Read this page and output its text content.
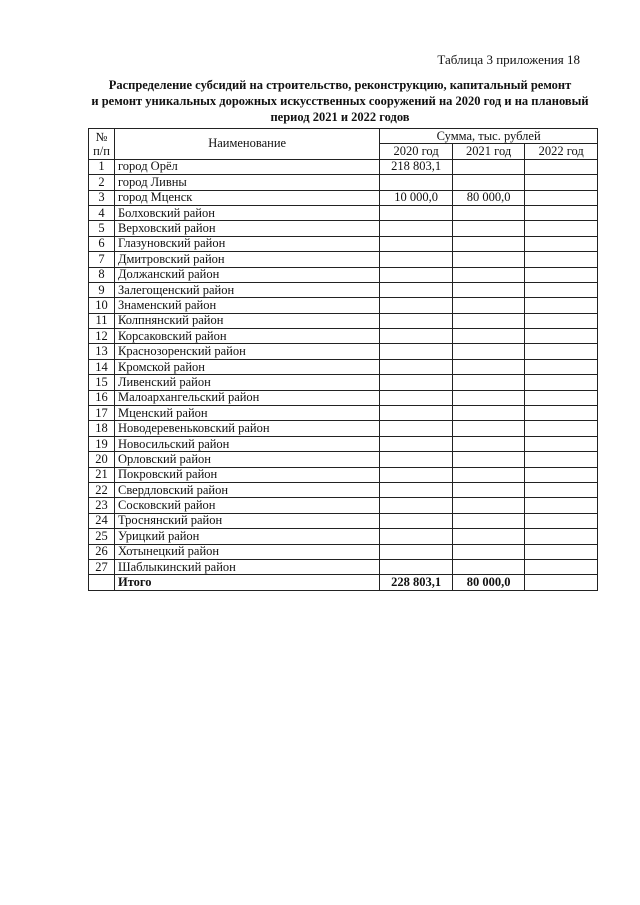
Таблица 3 приложения 18
Распределение субсидий на строительство, реконструкцию, капитальный ремонт
и ремонт уникальных дорожных искусственных сооружений на 2020 год и на плановый
период 2021 и 2022 годов
№ п/п	Наименование	Сумма, тыс. рублей		
		2020 год	2021 год	2022 год
1	город Орёл	218 803,1		
2	город Ливны			
3	город Мценск	10 000,0	80 000,0	
4	Болховский район			
5	Верховский район			
6	Глазуновский район			
7	Дмитровский район			
8	Должанский район			
9	Залегощенский район			
10	Знаменский район			
11	Колпнянский район			
12	Корсаковский район			
13	Краснозоренский район			
14	Кромской район			
15	Ливенский район			
16	Малоархангельский район			
17	Мценский район			
18	Новодеревеньковский район			
19	Новосильский район			
20	Орловский район			
21	Покровский район			
22	Свердловский район			
23	Сосковский район			
24	Троснянский район			
25	Урицкий район			
26	Хотынецкий район			
27	Шаблыкинский район			
	Итого	228 803,1	80 000,0	
